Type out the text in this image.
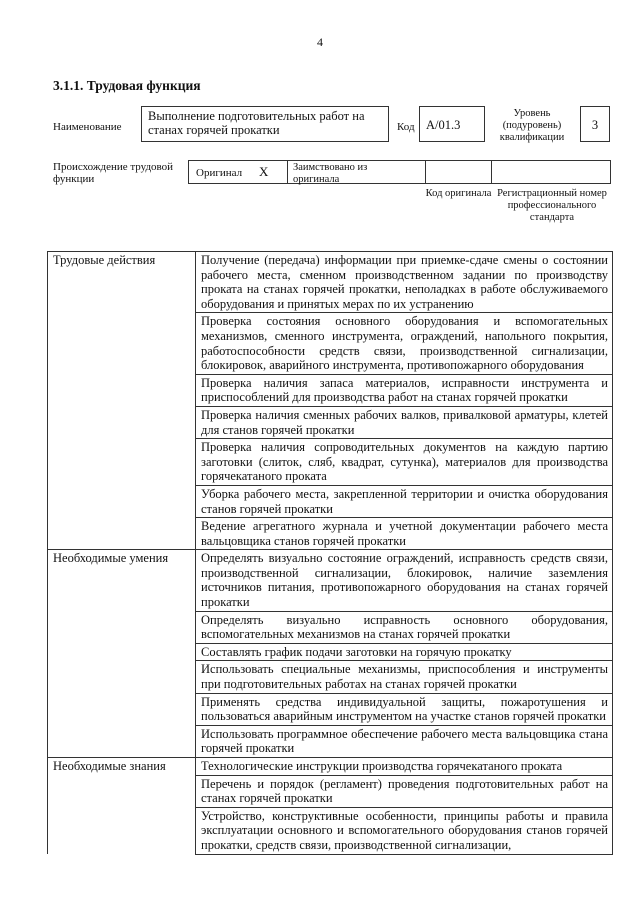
4
3.1.1. Трудовая функция
Наименование
Выполнение подготовительных работ на станах горячей прокатки	Код А/01.3
Уровень (подуровень) квалификации
3
Происхождение трудовой функции	Оригинал X Заимствовано из оригинала
Код оригинала Регистрационный номер профессионального стандарта
Трудовые действия	Получение (передача) информации при приемке-сдаче смены о состоянии рабочего места, сменном производственном задании по производству проката на станах горячей прокатки, неполадках в работе обслуживаемого оборудования и принятых мерах по их устранению
	Проверка состояния основного оборудования и вспомогательных механизмов, сменного инструмента, ограждений, напольного покрытия, работоспособности средств связи, производственной сигнализации, блокировок, аварийного инструмента, противопожарного оборудования
	Проверка наличия запаса материалов, исправности инструмента и приспособлений для производства работ на станах горячей прокатки
	Проверка наличия сменных рабочих валков, привалковой арматуры, клетей для станов горячей прокатки
	Проверка наличия сопроводительных документов на каждую партию заготовки (слиток, сляб, квадрат, сутунка), материалов для производства горячекатаного проката
	Уборка рабочего места, закрепленной территории и очистка оборудования станов горячей прокатки
	Ведение агрегатного журнала и учетной документации рабочего места вальцовщика станов горячей прокатки
Необходимые умения	Определять визуально состояние ограждений, исправность средств связи, производственной сигнализации, блокировок, наличие заземления источников питания, противопожарного оборудования на станах горячей прокатки
	Определять визуально исправность основного оборудования, вспомогательных механизмов на станах горячей прокатки
	Составлять график подачи заготовки на горячую прокатку
	Использовать специальные механизмы, приспособления и инструменты при подготовительных работах на станах горячей прокатки
	Применять средства индивидуальной защиты, пожаротушения и пользоваться аварийным инструментом на участке станов горячей прокатки
	Использовать программное обеспечение рабочего места вальцовщика стана горячей прокатки
Необходимые знания	Технологические инструкции производства горячекатаного проката
	Перечень и порядок (регламент) проведения подготовительных работ на станах горячей прокатки
	Устройство, конструктивные особенности, принципы работы и правила эксплуатации основного и вспомогательного оборудования станов горячей прокатки, средств связи, производственной сигнализации,
